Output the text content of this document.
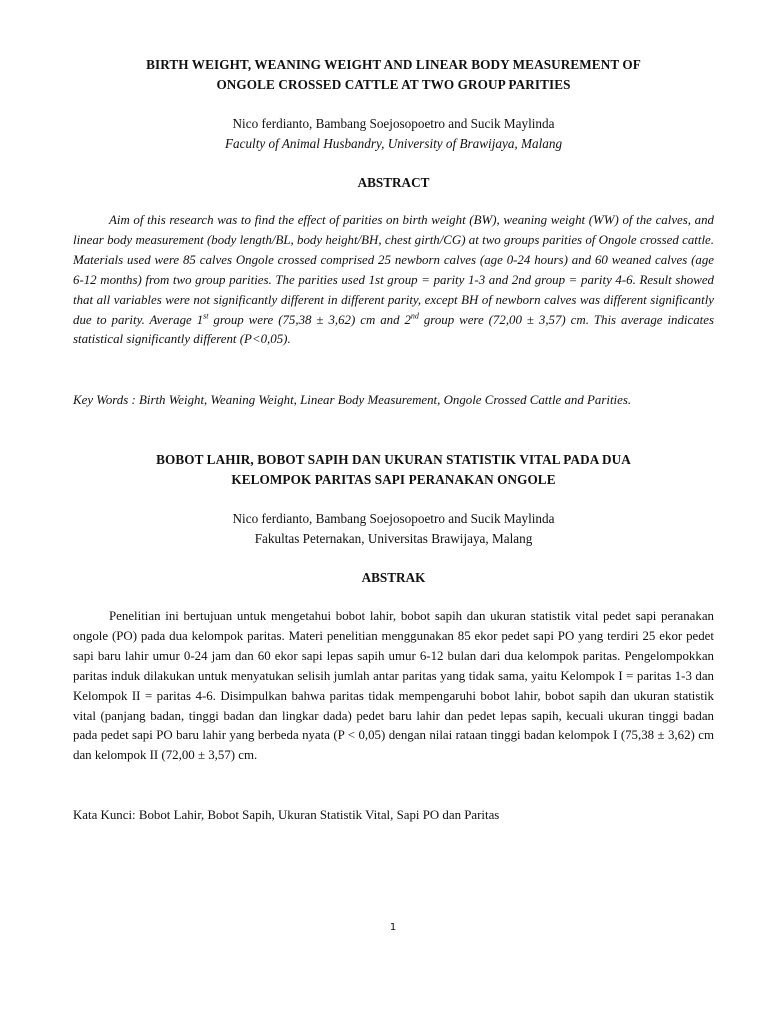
BIRTH WEIGHT, WEANING WEIGHT AND LINEAR BODY MEASUREMENT OF

ONGOLE CROSSED CATTLE AT TWO GROUP PARITIES

Nico ferdianto, Bambang Soejosopoetro and Sucik Maylinda

Faculty of Animal Husbandry, University of Brawijaya, Malang

ABSTRACT

Aim of this research was to find the effect of parities on birth weight (BW), weaning weight (WW) of the calves, and linear body measurement (body length/BL, body height/BH, chest girth/CG) at two groups parities of Ongole crossed cattle. Materials used were 85 calves Ongole crossed comprised 25 newborn calves (age 0-24 hours) and 60 weaned calves (age 6-12 months) from two group parities. The parities used 1st group = parity 1-3 and 2nd group = parity 4-6. Result showed that all variables were not significantly different in different parity, except BH of newborn calves was different significantly due to parity. Average 1st group were (75,38 ± 3,62) cm and 2nd group were (72,00 ± 3,57) cm. This average indicates statistical significantly different (P<0,05).

Key Words : Birth Weight, Weaning Weight, Linear Body Measurement, Ongole Crossed Cattle and Parities.

BOBOT LAHIR, BOBOT SAPIH DAN UKURAN STATISTIK VITAL PADA DUA

KELOMPOK PARITAS SAPI PERANAKAN ONGOLE

Nico ferdianto, Bambang Soejosopoetro and Sucik Maylinda

Fakultas Peternakan, Universitas Brawijaya, Malang

ABSTRAK

Penelitian ini bertujuan untuk mengetahui bobot lahir, bobot sapih dan ukuran statistik vital pedet sapi peranakan ongole (PO) pada dua kelompok paritas. Materi penelitian menggunakan 85 ekor pedet sapi PO yang terdiri 25 ekor pedet sapi baru lahir umur 0-24 jam dan 60 ekor sapi lepas sapih umur 6-12 bulan dari dua kelompok paritas. Pengelompokkan paritas induk dilakukan untuk menyatukan selisih jumlah antar paritas yang tidak sama, yaitu Kelompok I = paritas 1-3 dan Kelompok II = paritas 4-6. Disimpulkan bahwa paritas tidak mempengaruhi bobot lahir, bobot sapih dan ukuran statistik vital (panjang badan, tinggi badan dan lingkar dada) pedet baru lahir dan pedet lepas sapih, kecuali ukuran tinggi badan pada pedet sapi PO baru lahir yang berbeda nyata (P < 0,05) dengan nilai rataan tinggi badan kelompok I (75,38 ± 3,62) cm dan kelompok II (72,00 ± 3,57) cm.

Kata Kunci: Bobot Lahir, Bobot Sapih, Ukuran Statistik Vital, Sapi PO dan Paritas

1
